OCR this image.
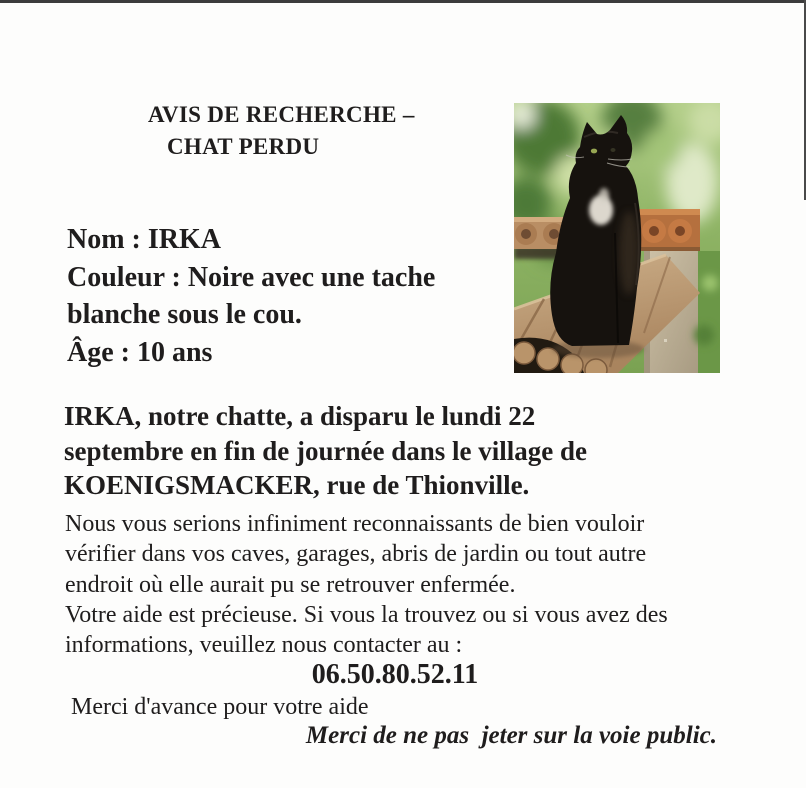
AVIS DE RECHERCHE –
CHAT PERDU
Nom : IRKA
Couleur : Noire avec une tache
blanche sous le cou.
Âge : 10 ans
IRKA, notre chatte, a disparu le lundi 22
septembre en fin de journée dans le village de
KOENIGSMACKER, rue de Thionville.
Nous vous serions infiniment reconnaissants de bien vouloir
vérifier dans vos caves, garages, abris de jardin ou tout autre
endroit où elle aurait pu se retrouver enfermée.
Votre aide est précieuse. Si vous la trouvez ou si vous avez des
informations, veuillez nous contacter au :
06.50.80.52.11
Merci d'avance pour votre aide
Merci de ne pas  jeter sur la voie public.
